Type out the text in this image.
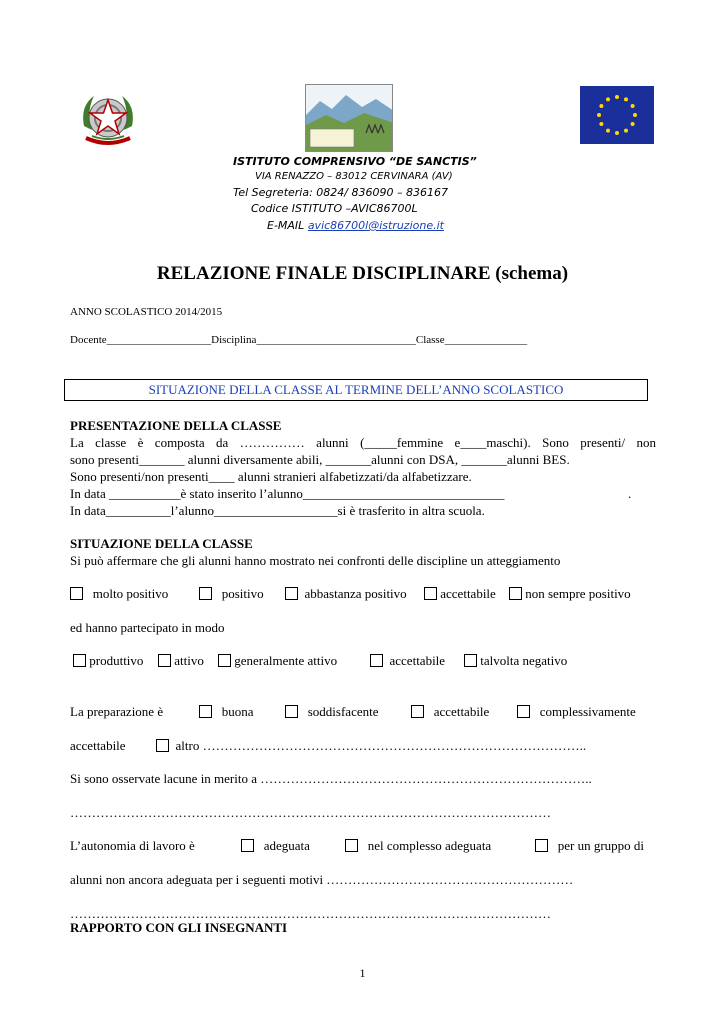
ISTITUTO COMPRENSIVO “DE SANCTIS”
VIA RENAZZO – 83012 CERVINARA (AV)
Tel Segreteria: 0824/ 836090 – 836167
Codice ISTITUTO –AVIC86700L
E-MAIL avic86700l@istruzione.it
RELAZIONE FINALE DISCIPLINARE (schema)
ANNO SCOLASTICO 2014/2015
Docente___________________Disciplina_____________________________Classe_______________
SITUAZIONE DELLA CLASSE AL TERMINE DELL’ANNO SCOLASTICO
PRESENTAZIONE DELLA CLASSE
La classe è composta da …………… alunni (_____femmine e____maschi). Sono presenti/ non
sono presenti_______ alunni diversamente abili, _______alunni con DSA, _______alunni BES.
Sono presenti/non presenti____ alunni stranieri alfabetizzati/da alfabetizzare.
In data ___________è stato inserito l’alunno_______________________________	.
In data__________l’alunno___________________si è trasferito in altra scuola.
SITUAZIONE DELLA CLASSE
Si può affermare che gli alunni hanno mostrato nei confronti delle discipline un atteggiamento
molto positivo	positivo	abbastanza positivo	accettabile	non sempre positivo
ed hanno partecipato in modo
produttivo	attivo	generalmente attivo	accettabile	talvolta negativo
La preparazione è	buona	soddisfacente	accettabile	complessivamente
accettabile	altro ……………………………………………………………………………..
Si sono osservate lacune in merito a …………………………………………………………………..
…………………………………………………………………………………………………
L’autonomia di lavoro è	adeguata	nel complesso adeguata	per un gruppo di
alunni non ancora adeguata per i seguenti motivi …………………………………………………
…………………………………………………………………………………………………
RAPPORTO CON GLI INSEGNANTI
1
